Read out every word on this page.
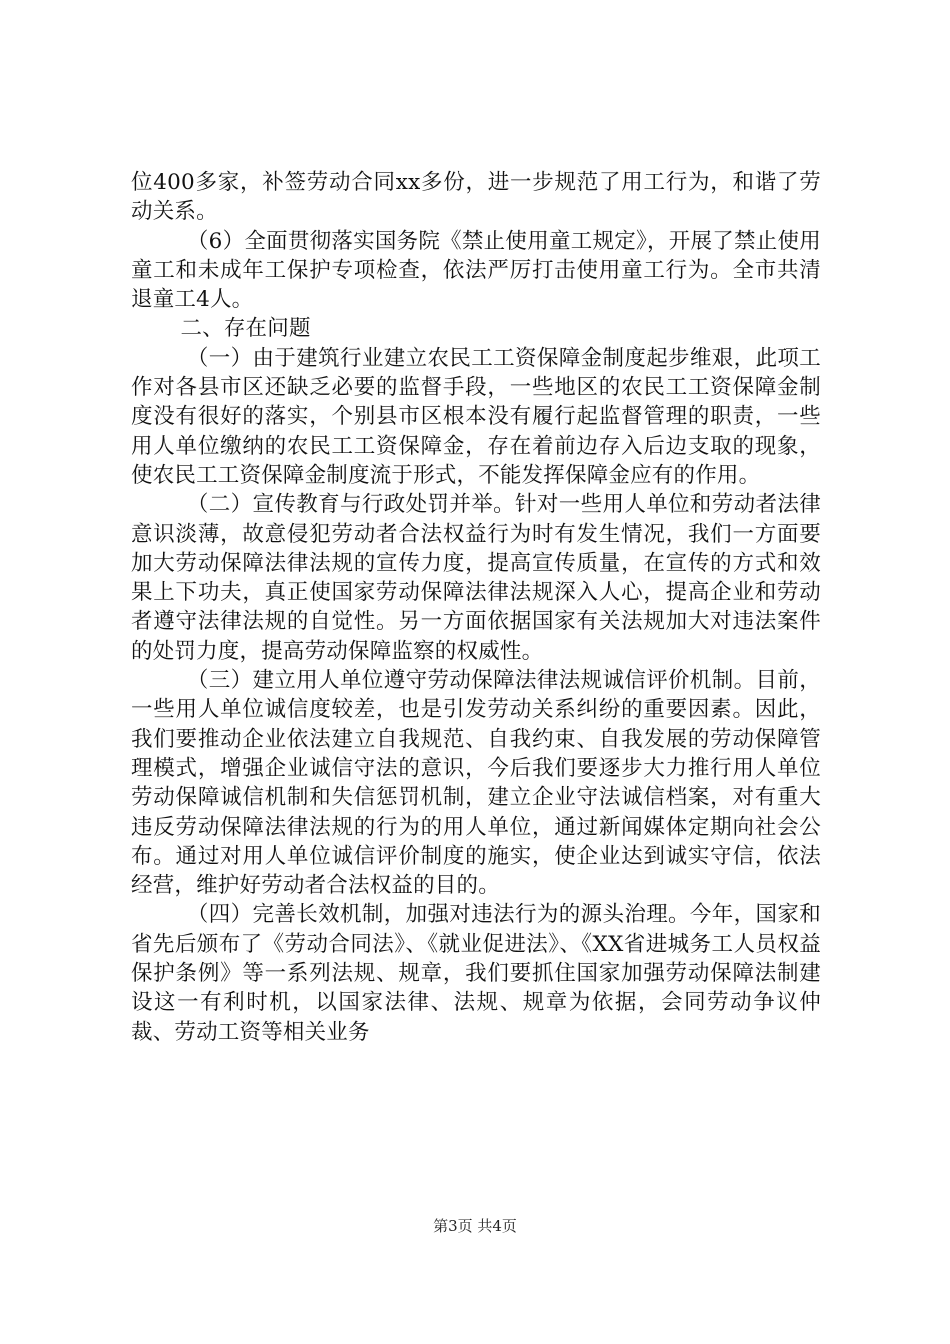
位400多家，补签劳动合同xx多份，进一步规范了用工行为，和谐了劳动关系。

（6）全面贯彻落实国务院《禁止使用童工规定》，开展了禁止使用童工和未成年工保护专项检查，依法严厉打击使用童工行为。全市共清退童工4人。

二、存在问题

（一）由于建筑行业建立农民工工资保障金制度起步维艰，此项工作对各县市区还缺乏必要的监督手段，一些地区的农民工工资保障金制度没有很好的落实，个别县市区根本没有履行起监督管理的职责，一些用人单位缴纳的农民工工资保障金，存在着前边存入后边支取的现象，使农民工工资保障金制度流于形式，不能发挥保障金应有的作用。

（二）宣传教育与行政处罚并举。针对一些用人单位和劳动者法律意识淡薄，故意侵犯劳动者合法权益行为时有发生情况，我们一方面要加大劳动保障法律法规的宣传力度，提高宣传质量，在宣传的方式和效果上下功夫，真正使国家劳动保障法律法规深入人心，提高企业和劳动者遵守法律法规的自觉性。另一方面依据国家有关法规加大对违法案件的处罚力度，提高劳动保障监察的权威性。

（三）建立用人单位遵守劳动保障法律法规诚信评价机制。目前，一些用人单位诚信度较差，也是引发劳动关系纠纷的重要因素。因此，我们要推动企业依法建立自我规范、自我约束、自我发展的劳动保障管理模式，增强企业诚信守法的意识，今后我们要逐步大力推行用人单位劳动保障诚信机制和失信惩罚机制，建立企业守法诚信档案，对有重大违反劳动保障法律法规的行为的用人单位，通过新闻媒体定期向社会公布。通过对用人单位诚信评价制度的施实，使企业达到诚实守信，依法经营，维护好劳动者合法权益的目的。

（四）完善长效机制，加强对违法行为的源头治理。今年，国家和省先后颁布了《劳动合同法》、《就业促进法》、《XX省进城务工人员权益保护条例》等一系列法规、规章，我们要抓住国家加强劳动保障法制建设这一有利时机，以国家法律、法规、规章为依据，会同劳动争议仲裁、劳动工资等相关业务

第3页 共4页
